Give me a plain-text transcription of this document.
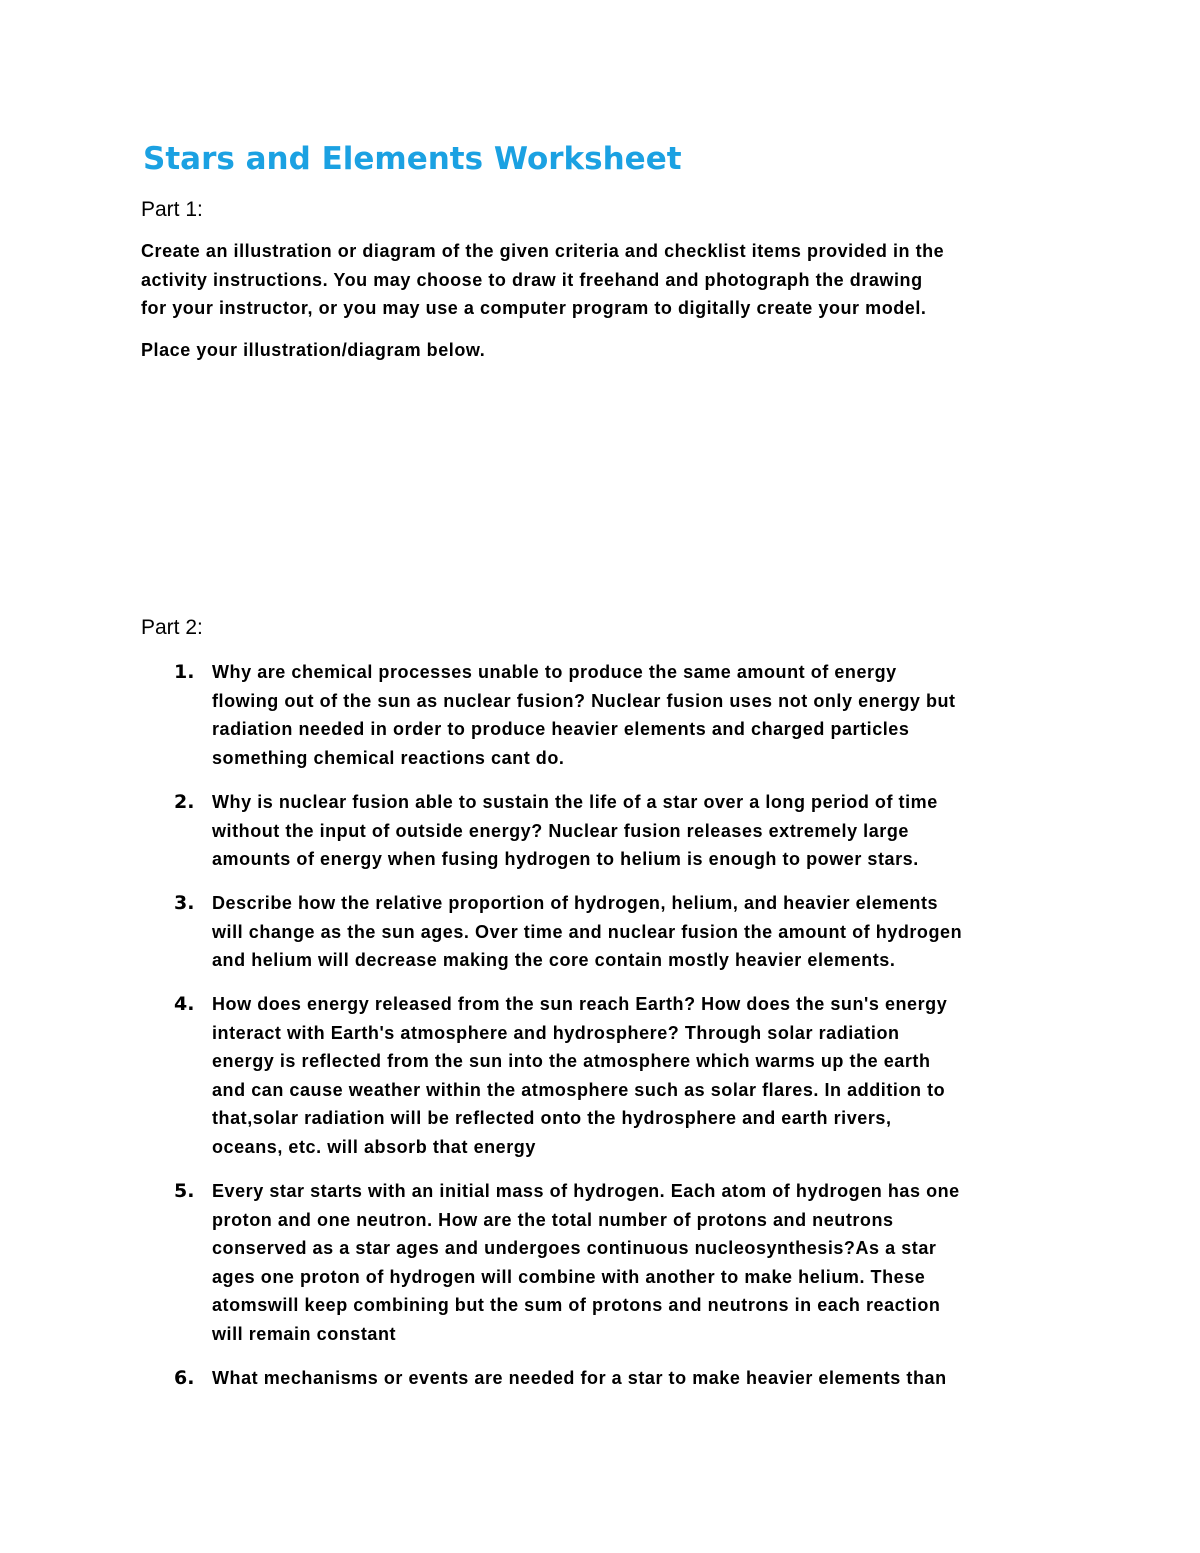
Stars and Elements Worksheet
Part 1:

Create an illustration or diagram of the given criteria and checklist items provided in the
activity instructions. You may choose to draw it freehand and photograph the drawing
for your instructor, or you may use a computer program to digitally create your model.

Place your illustration/diagram below.

Part 2:
1. Why are chemical processes unable to produce the same amount of energy
flowing out of the sun as nuclear fusion? Nuclear fusion uses not only energy but
radiation needed in order to produce heavier elements and charged particles
something chemical reactions cant do.
2. Why is nuclear fusion able to sustain the life of a star over a long period of time
without the input of outside energy? Nuclear fusion releases extremely large
amounts of energy when fusing hydrogen to helium is enough to power stars.
3. Describe how the relative proportion of hydrogen, helium, and heavier elements
will change as the sun ages. Over time and nuclear fusion the amount of hydrogen
and helium will decrease making the core contain mostly heavier elements.
4. How does energy released from the sun reach Earth? How does the sun's energy
interact with Earth's atmosphere and hydrosphere? Through solar radiation
energy is reflected from the sun into the atmosphere which warms up the earth
and can cause weather within the atmosphere such as solar flares. In addition to
that,solar radiation will be reflected onto the hydrosphere and earth rivers,
oceans, etc. will absorb that energy
5. Every star starts with an initial mass of hydrogen. Each atom of hydrogen has one
proton and one neutron. How are the total number of protons and neutrons
conserved as a star ages and undergoes continuous nucleosynthesis?As a star
ages one proton of hydrogen will combine with another to make helium. These
atomswill keep combining but the sum of protons and neutrons in each reaction
will remain constant
6. What mechanisms or events are needed for a star to make heavier elements than
